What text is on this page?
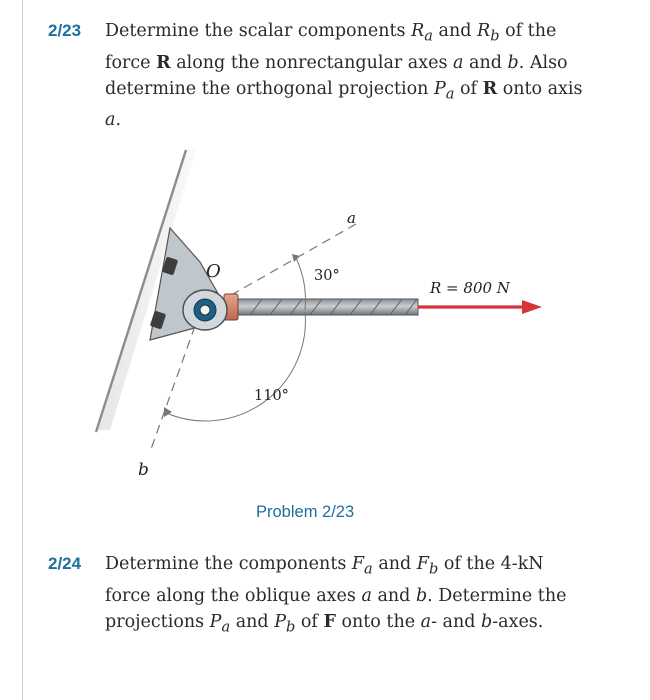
2/23 Determine the scalar components $R_a$ and $R_b$ of the force R along the nonrectangular axes a and b. Also determine the orthogonal projection $P_a$ of R onto axis a.
O
a
b
30°
110°
R = 800 N
Problem 2/23
2/24 Determine the components $F_a$ and $F_b$ of the 4-kN force along the oblique axes a and b. Determine the projections $P_a$ and $P_b$ of F onto the a- and b-axes.
